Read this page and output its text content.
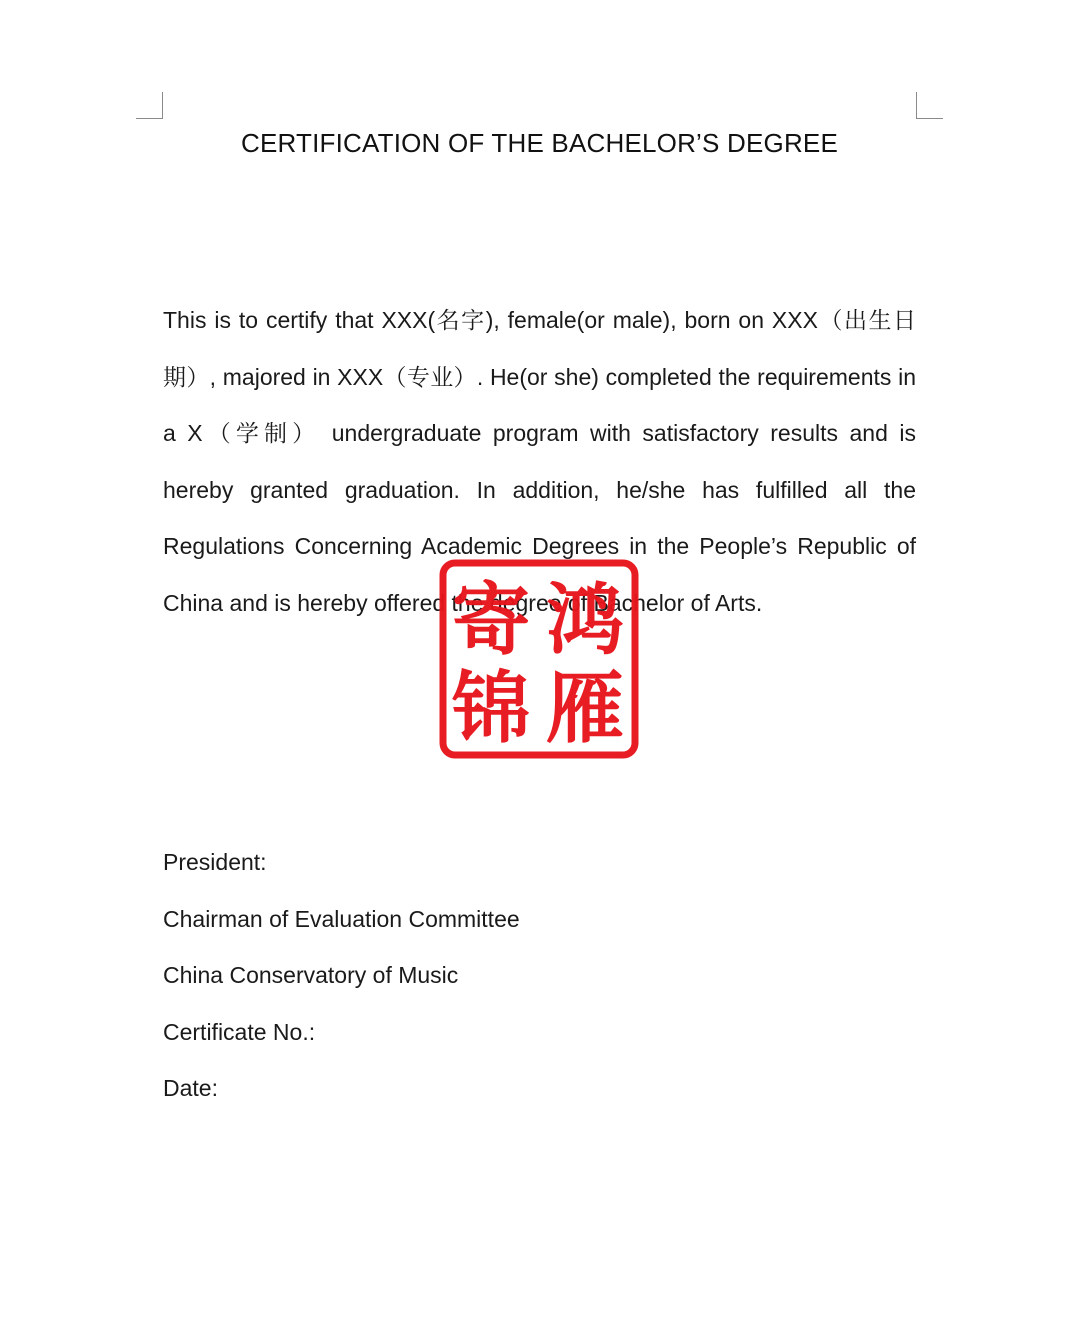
CERTIFICATION OF THE BACHELOR’S DEGREE
This is to certify that XXX(名字), female(or male), born on XXX（出生日期）, majored in XXX（专业）. He(or she) completed the requirements in a X（学制） undergraduate program with satisfactory results and is hereby granted graduation. In addition, he/she has fulfilled all the Regulations Concerning Academic Degrees in the People’s Republic of China and is hereby offered the degree of Bachelor of Arts.
President:
Chairman of Evaluation Committee
China Conservatory of Music
Certificate No.:
Date:
寄 鸿
锦 雁
